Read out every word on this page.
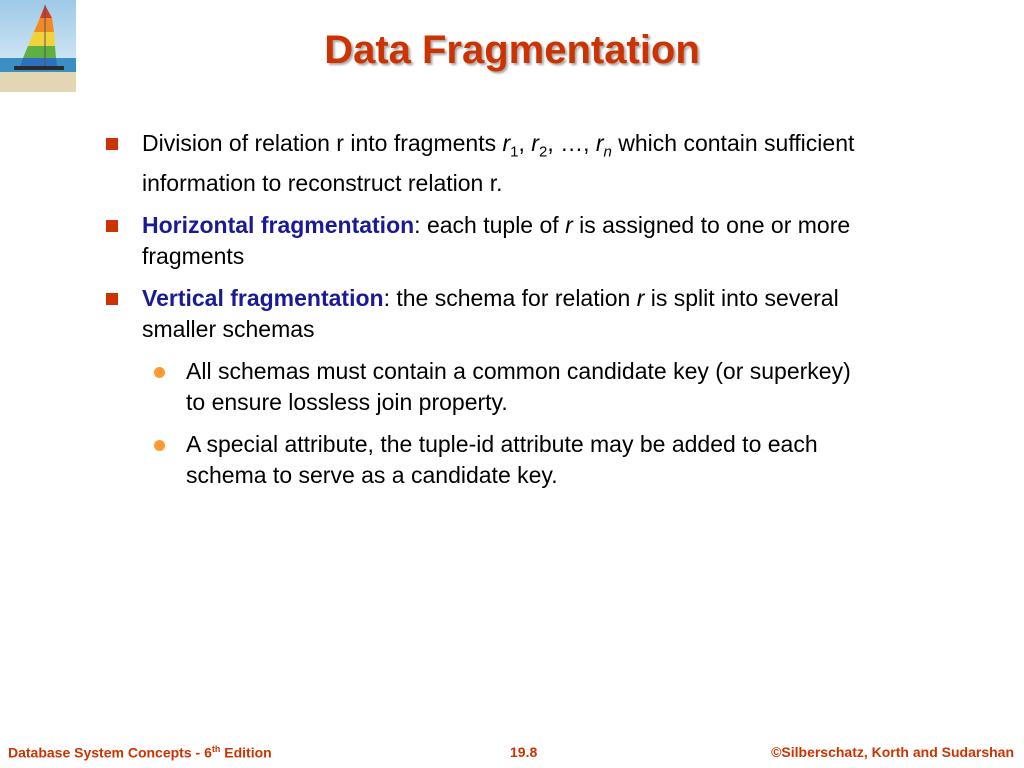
Data Fragmentation
Division of relation r into fragments $r_1$, $r_2$, …, $r_n$ which contain sufficient information to reconstruct relation r.
Horizontal fragmentation: each tuple of r is assigned to one or more fragments
Vertical fragmentation: the schema for relation r is split into several smaller schemas
All schemas must contain a common candidate key (or superkey) to ensure lossless join property.
A special attribute, the tuple-id attribute may be added to each schema to serve as a candidate key.
Database System Concepts - 6th Edition	19.8	©Silberschatz, Korth and Sudarshan
